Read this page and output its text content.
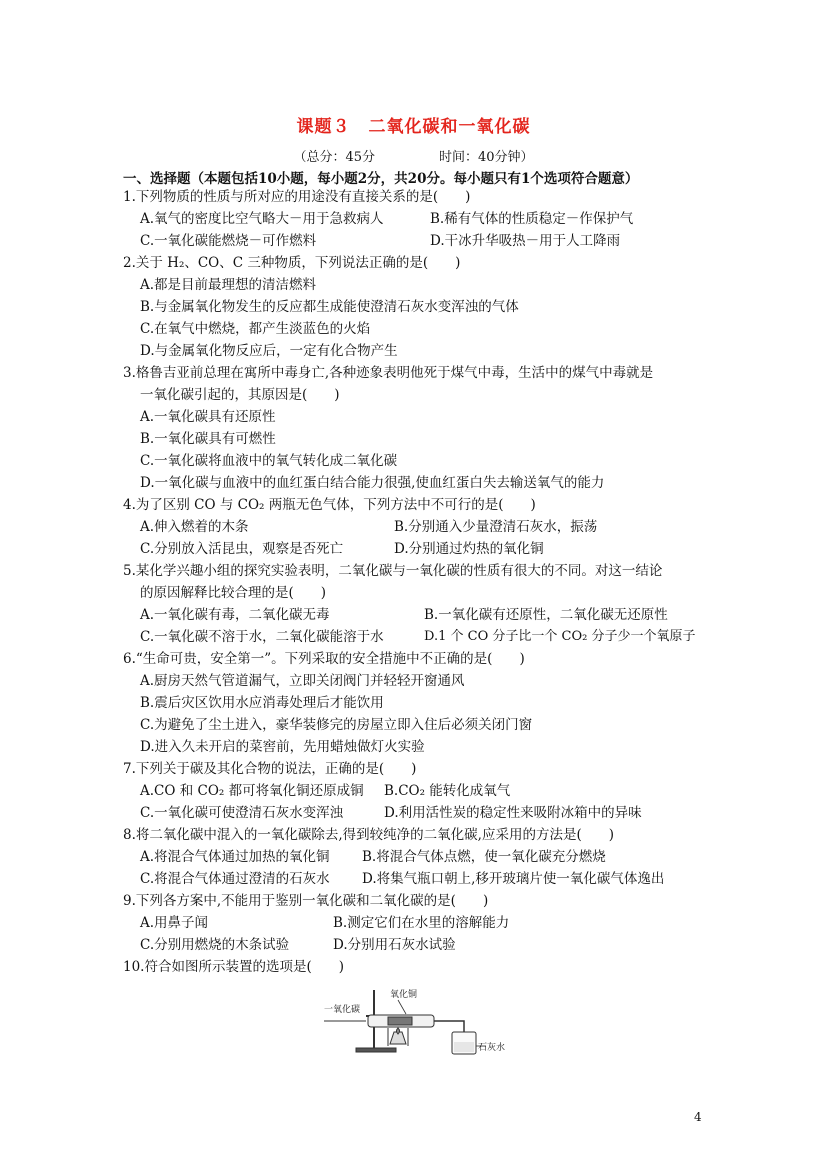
课题３ 二氧化碳和一氧化碳
（总分：45分	时间：40分钟）
一、选择题（本题包括10小题，每小题2分，共20分。每小题只有1个选项符合题意）
1.下列物质的性质与所对应的用途没有直接关系的是(　　)
A.氧气的密度比空气略大－用于急救病人	B.稀有气体的性质稳定－作保护气
C.一氧化碳能燃烧－可作燃料	D.干冰升华吸热－用于人工降雨
2.关于 H₂、CO、C 三种物质，下列说法正确的是(　　)
A.都是目前最理想的清洁燃料
B.与金属氧化物发生的反应都生成能使澄清石灰水变浑浊的气体
C.在氧气中燃烧，都产生淡蓝色的火焰
D.与金属氧化物反应后，一定有化合物产生
3.格鲁吉亚前总理在寓所中毒身亡,各种迹象表明他死于煤气中毒，生活中的煤气中毒就是
一氧化碳引起的，其原因是(　　)
A.一氧化碳具有还原性
B.一氧化碳具有可燃性
C.一氧化碳将血液中的氧气转化成二氧化碳
D.一氧化碳与血液中的血红蛋白结合能力很强,使血红蛋白失去输送氧气的能力
4.为了区别 CO 与 CO₂ 两瓶无色气体，下列方法中不可行的是(　　)
A.伸入燃着的木条	B.分别通入少量澄清石灰水，振荡
C.分别放入活昆虫，观察是否死亡	D.分别通过灼热的氧化铜
5.某化学兴趣小组的探究实验表明，二氧化碳与一氧化碳的性质有很大的不同。对这一结论
的原因解释比较合理的是(　　)
A.一氧化碳有毒，二氧化碳无毒	B.一氧化碳有还原性，二氧化碳无还原性
C.一氧化碳不溶于水，二氧化碳能溶于水	D.1 个 CO 分子比一个 CO₂ 分子少一个氧原子
6.“生命可贵，安全第一”。下列采取的安全措施中不正确的是(　　)
A.厨房天然气管道漏气，立即关闭阀门并轻轻开窗通风
B.震后灾区饮用水应消毒处理后才能饮用
C.为避免了尘土进入，豪华装修完的房屋立即入住后必须关闭门窗
D.进入久未开启的菜窖前，先用蜡烛做灯火实验
7.下列关于碳及其化合物的说法，正确的是(　　)
A.CO 和 CO₂ 都可将氧化铜还原成铜 B.CO₂ 能转化成氧气
C.一氧化碳可使澄清石灰水变浑浊	D.利用活性炭的稳定性来吸附冰箱中的异味
8.将二氧化碳中混入的一氧化碳除去,得到较纯净的二氧化碳,应采用的方法是(　　)
A.将混合气体通过加热的氧化铜 B.将混合气体点燃，使一氧化碳充分燃烧
C.将混合气体通过澄清的石灰水 D.将集气瓶口朝上,移开玻璃片使一氧化碳气体逸出
9.下列各方案中,不能用于鉴别一氧化碳和二氧化碳的是(　　)
A.用鼻子闻	B.测定它们在水里的溶解能力
C.分别用燃烧的木条试验	D.分别用石灰水试验
10.符合如图所示装置的选项是(　　)
一氧化碳
氧化铜
石灰水
4
